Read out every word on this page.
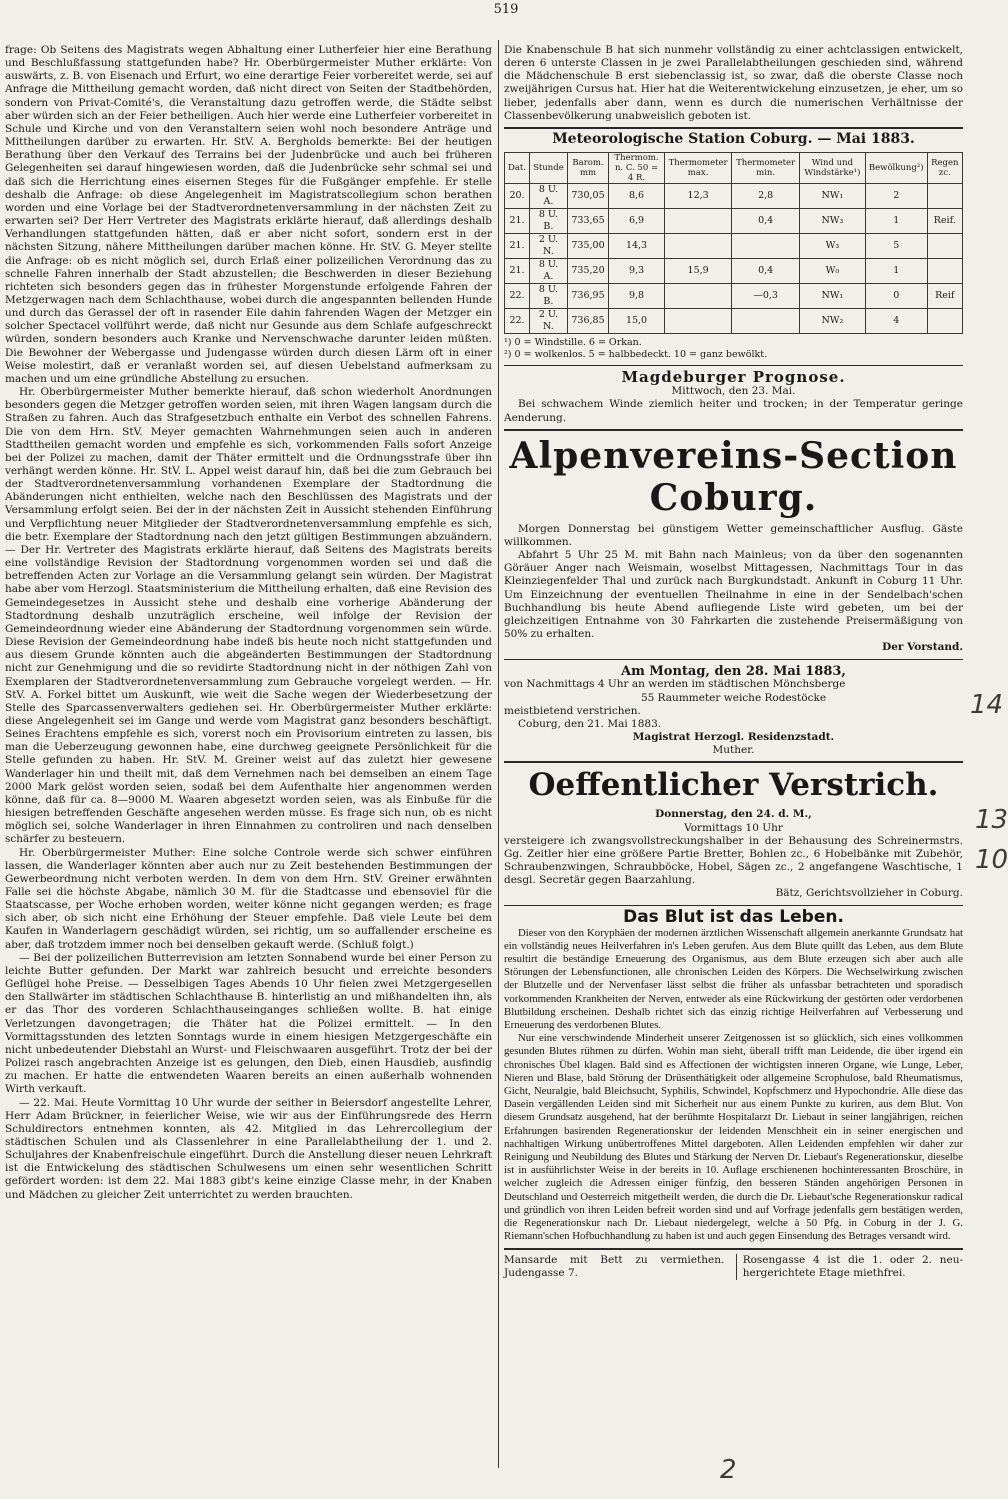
519

frage: Ob Seitens des Magistrats wegen Abhaltung einer Lutherfeier hier eine Berathung und Beschlußfassung stattgefunden habe? Hr. Oberbürgermeister Muther erklärte: Von auswärts, z. B. von Eisenach und Erfurt, wo eine derartige Feier vorbereitet werde, sei auf Anfrage die Mittheilung gemacht worden, daß nicht direct von Seiten der Stadtbehörden, sondern von Privat-Comité's, die Veranstaltung dazu getroffen werde, die Städte selbst aber würden sich an der Feier betheiligen. Auch hier werde eine Lutherfeier vorbereitet in Schule und Kirche und von den Veranstaltern seien wohl noch besondere Anträge und Mittheilungen darüber zu erwarten. Hr. StV. A. Bergholds bemerkte: Bei der heutigen Berathung über den Verkauf des Terrains bei der Judenbrücke und auch bei früheren Gelegenheiten sei darauf hingewiesen worden, daß die Judenbrücke sehr schmal sei und daß sich die Herrichtung eines eisernen Steges für die Fußgänger empfehle. Er stelle deshalb die Anfrage: ob diese Angelegenheit im Magistratscollegium schon berathen worden und eine Vorlage bei der Stadtverordnetenversammlung in der nächsten Zeit zu erwarten sei? Der Herr Vertreter des Magistrats erklärte hierauf, daß allerdings deshalb Verhandlungen stattgefunden hätten, daß er aber nicht sofort, sondern erst in der nächsten Sitzung, nähere Mittheilungen darüber machen könne. Hr. StV. G. Meyer stellte die Anfrage: ob es nicht möglich sei, durch Erlaß einer polizeilichen Verordnung das zu schnelle Fahren innerhalb der Stadt abzustellen; die Beschwerden in dieser Beziehung richteten sich besonders gegen das in frühester Morgenstunde erfolgende Fahren der Metzgerwagen nach dem Schlachthause, wobei durch die angespannten bellenden Hunde und durch das Gerassel der oft in rasender Eile dahin fahrenden Wagen der Metzger ein solcher Spectacel vollführt werde, daß nicht nur Gesunde aus dem Schlafe aufgeschreckt würden, sondern besonders auch Kranke und Nervenschwache darunter leiden müßten. Die Bewohner der Webergasse und Judengasse würden durch diesen Lärm oft in einer Weise molestirt, daß er veranlaßt worden sei, auf diesen Uebelstand aufmerksam zu machen und um eine gründliche Abstellung zu ersuchen.

Hr. Oberbürgermeister Muther bemerkte hierauf, daß schon wiederholt Anordnungen besonders gegen die Metzger getroffen worden seien, mit ihren Wagen langsam durch die Straßen zu fahren. Auch das Strafgesetzbuch enthalte ein Verbot des schnellen Fahrens. Die von dem Hrn. StV. Meyer gemachten Wahrnehmungen seien auch in anderen Stadttheilen gemacht worden und empfehle es sich, vorkommenden Falls sofort Anzeige bei der Polizei zu machen, damit der Thäter ermittelt und die Ordnungsstrafe über ihn verhängt werden könne. Hr. StV. L. Appel weist darauf hin, daß bei die zum Gebrauch bei der Stadtverordnetenversammlung vorhandenen Exemplare der Stadtordnung die Abänderungen nicht enthielten, welche nach den Beschlüssen des Magistrats und der Versammlung erfolgt seien. Bei der in der nächsten Zeit in Aussicht stehenden Einführung und Verpflichtung neuer Mitglieder der Stadtverordnetenversammlung empfehle es sich, die betr. Exemplare der Stadtordnung nach den jetzt gültigen Bestimmungen abzuändern. — Der Hr. Vertreter des Magistrats erklärte hierauf, daß Seitens des Magistrats bereits eine vollständige Revision der Stadtordnung vorgenommen worden sei und daß die betreffenden Acten zur Vorlage an die Versammlung gelangt sein würden. Der Magistrat habe aber vom Herzogl. Staatsministerium die Mittheilung erhalten, daß eine Revision des Gemeindegesetzes in Aussicht stehe und deshalb eine vorherige Abänderung der Stadtordnung deshalb unzuträglich erscheine, weil infolge der Revision der Gemeindeordnung wieder eine Abänderung der Stadtordnung vorgenommen sein würde. Diese Revision der Gemeindeordnung habe indeß bis heute noch nicht stattgefunden und aus diesem Grunde könnten auch die abgeänderten Bestimmungen der Stadtordnung nicht zur Genehmigung und die so revidirte Stadtordnung nicht in der nöthigen Zahl von Exemplaren der Stadtverordnetenversammlung zum Gebrauche vorgelegt werden. — Hr. StV. A. Forkel bittet um Auskunft, wie weit die Sache wegen der Wiederbesetzung der Stelle des Sparcassenverwalters gediehen sei. Hr. Oberbürgermeister Muther erklärte: diese Angelegenheit sei im Gange und werde vom Magistrat ganz besonders beschäftigt. Seines Erachtens empfehle es sich, vorerst noch ein Provisorium eintreten zu lassen, bis man die Ueberzeugung gewonnen habe, eine durchweg geeignete Persönlichkeit für die Stelle gefunden zu haben. Hr. StV. M. Greiner weist auf das zuletzt hier gewesene Wanderlager hin und theilt mit, daß dem Vernehmen nach bei demselben an einem Tage 2000 Mark gelöst worden seien, sodaß bei dem Aufenthalte hier angenommen werden könne, daß für ca. 8—9000 M. Waaren abgesetzt worden seien, was als Einbuße für die hiesigen betreffenden Geschäfte angesehen werden müsse. Es frage sich nun, ob es nicht möglich sei, solche Wanderlager in ihren Einnahmen zu controliren und nach denselben schärfer zu besteuern.

Hr. Oberbürgermeister Muther: Eine solche Controle werde sich schwer einführen lassen, die Wanderlager könnten aber auch nur zu Zeit bestehenden Bestimmungen der Gewerbeordnung nicht verboten werden. In dem von dem Hrn. StV. Greiner erwähnten Falle sei die höchste Abgabe, nämlich 30 M. für die Stadtcasse und ebensoviel für die Staatscasse, per Woche erhoben worden, weiter könne nicht gegangen werden; es frage sich aber, ob sich nicht eine Erhöhung der Steuer empfehle. Daß viele Leute bei dem Kaufen in Wanderlagern geschädigt würden, sei richtig, um so auffallender erscheine es aber, daß trotzdem immer noch bei denselben gekauft werde. (Schluß folgt.)

— Bei der polizeilichen Butterrevision am letzten Sonnabend wurde bei einer Person zu leichte Butter gefunden. Der Markt war zahlreich besucht und erreichte besonders Geflügel hohe Preise. — Desselbigen Tages Abends 10 Uhr fielen zwei Metzgergesellen den Stallwärter im städtischen Schlachthause B. hinterlistig an und mißhandelten ihn, als er das Thor des vorderen Schlachthauseinganges schließen wollte. B. hat einige Verletzungen davongetragen; die Thäter hat die Polizei ermittelt. — In den Vormittagsstunden des letzten Sonntags wurde in einem hiesigen Metzgergeschäfte ein nicht unbedeutender Diebstahl an Wurst- und Fleischwaaren ausgeführt. Trotz der bei der Polizei rasch angebrachten Anzeige ist es gelungen, den Dieb, einen Hausdieb, ausfindig zu machen. Er hatte die entwendeten Waaren bereits an einen außerhalb wohnenden Wirth verkauft.

— 22. Mai. Heute Vormittag 10 Uhr wurde der seither in Beiersdorf angestellte Lehrer, Herr Adam Brückner, in feierlicher Weise, wie wir aus der Einführungsrede des Herrn Schuldirectors entnehmen konnten, als 42. Mitglied in das Lehrercollegium der städtischen Schulen und als Classenlehrer in eine Parallelabtheilung der 1. und 2. Schuljahres der Knabenfreischule eingeführt. Durch die Anstellung dieser neuen Lehrkraft ist die Entwickelung des städtischen Schulwesens um einen sehr wesentlichen Schritt gefördert worden: ist dem 22. Mai 1883 gibt's keine einzige Classe mehr, in der Knaben und Mädchen zu gleicher Zeit unterrichtet zu werden brauchten.

Die Knabenschule B hat sich nunmehr vollständig zu einer achtclassigen entwickelt, deren 6 unterste Classen in je zwei Parallelabtheilungen geschieden sind, während die Mädchenschule B erst siebenclassig ist, so zwar, daß die oberste Classe noch zweijährigen Cursus hat. Hier hat die Weiterentwickelung einzusetzen, je eher, um so lieber, jedenfalls aber dann, wenn es durch die numerischen Verhältnisse der Classenbevölkerung unabweislich geboten ist.

Meteorologische Station Coburg. — Mai 1883.
Dat.	Stunde	Barom. mm	Thermom. n. C. 50 = 4 R.	Thermometer max.	Thermometer min.	Wind und Windstärke¹)	Bewölkung²)	Regen zc.
20.	8 U. A.	730,05	8,6	12,3	2,8	NW₁	2	
21.	8 U. B.	733,65	6,9		0,4	NW₃	1	Reif.
21.	2 U. N.	735,00	14,3			W₃	5	
21.	8 U. A.	735,20	9,3	15,9	0,4	W₀	1	
22.	8 U. B.	736,95	9,8		—0,3	NW₁	0	Reif
22.	2 U. N.	736,85	15,0			NW₂	4	
¹) 0 = Windstille. 6 = Orkan.
²) 0 = wolkenlos. 5 = halbbedeckt. 10 = ganz bewölkt.
Magdeburger Prognose.

Mittwoch, den 23. Mai.

Bei schwachem Winde ziemlich heiter und trocken; in der Temperatur geringe Aenderung.

Alpenvereins-Section Coburg.

Morgen Donnerstag bei günstigem Wetter gemeinschaftlicher Ausflug. Gäste willkommen.

Abfahrt 5 Uhr 25 M. mit Bahn nach Mainleus; von da über den sogenannten Göräuer Anger nach Weismain, woselbst Mittagessen, Nachmittags Tour in das Kleinziegenfelder Thal und zurück nach Burgkundstadt. Ankunft in Coburg 11 Uhr. Um Einzeichnung der eventuellen Theilnahme in eine in der Sendelbach'schen Buchhandlung bis heute Abend aufliegende Liste wird gebeten, um bei der gleichzeitigen Entnahme von 30 Fahrkarten die zustehende Preisermäßigung von 50% zu erhalten.

Der Vorstand.

Am Montag, den 28. Mai 1883,

von Nachmittags 4 Uhr an werden im städtischen Mönchsberge

55 Raummeter weiche Rodestöcke

meistbietend verstrichen.

Coburg, den 21. Mai 1883.

Magistrat Herzogl. Residenzstadt.

Muther.

Oeffentlicher Verstrich.

Donnerstag, den 24. d. M.,

Vormittags 10 Uhr

versteigere ich zwangsvollstreckungshalber in der Behausung des Schreinermstrs. Gg. Zeitler hier eine größere Partie Bretter, Bohlen zc., 6 Hobelbänke mit Zubehör, Schraubenzwingen, Schraubböcke, Hobel, Sägen zc., 2 angefangene Waschtische, 1 desgl. Secretär gegen Baarzahlung.

Bätz, Gerichtsvollzieher in Coburg.

Das Blut ist das Leben.

Dieser von den Koryphäen der modernen ärztlichen Wissenschaft allgemein anerkannte Grundsatz hat ein vollständig neues Heilverfahren in's Leben gerufen. Aus dem Blute quillt das Leben, aus dem Blute resultirt die beständige Erneuerung des Organismus, aus dem Blute erzeugen sich aber auch alle Störungen der Lebensfunctionen, alle chronischen Leiden des Körpers. Die Wechselwirkung zwischen der Blutzelle und der Nervenfaser lässt selbst die früher als unfassbar betrachteten und sporadisch vorkommenden Krankheiten der Nerven, entweder als eine Rückwirkung der gestörten oder verdorbenen Blutbildung erscheinen. Deshalb richtet sich das einzig richtige Heilverfahren auf Verbesserung und Erneuerung des verdorbenen Blutes.

Nur eine verschwindende Minderheit unserer Zeitgenossen ist so glücklich, sich eines vollkommen gesunden Blutes rühmen zu dürfen. Wohin man sieht, überall trifft man Leidende, die über irgend ein chronisches Übel klagen. Bald sind es Affectionen der wichtigsten inneren Organe, wie Lunge, Leber, Nieren und Blase, bald Störung der Drüsenthätigkeit oder allgemeine Scrophulose, bald Rheumatismus, Gicht, Neuralgie, bald Bleichsucht, Syphilis, Schwindel, Kopfschmerz und Hypochondrie. Alle diese das Dasein vergällenden Leiden sind mit Sicherheit nur aus einem Punkte zu kuriren, aus dem Blut. Von diesem Grundsatz ausgehend, hat der berühmte Hospitalarzt Dr. Liebaut in seiner langjährigen, reichen Erfahrungen basirenden Regenerationskur der leidenden Menschheit ein in seiner energischen und nachhaltigen Wirkung unübertroffenes Mittel dargeboten. Allen Leidenden empfehlen wir daher zur Reinigung und Neubildung des Blutes und Stärkung der Nerven Dr. Liebaut's Regenerationskur, dieselbe ist in ausführlichster Weise in der bereits in 10. Auflage erschienenen hochinteressanten Broschüre, in welcher zugleich die Adressen einiger fünfzig, den besseren Ständen angehörigen Personen in Deutschland und Oesterreich mitgetheilt werden, die durch die Dr. Liebaut'sche Regenerationskur radical und gründlich von ihren Leiden befreit worden sind und auf Vorfrage jedenfalls gern bestätigen werden, die Regenerationskur nach Dr. Liebaut niedergelegt, welche à 50 Pfg. in Coburg in der J. G. Riemann'schen Hofbuchhandlung zu haben ist und auch gegen Einsendung des Betrages versandt wird.

Mansarde mit Bett zu vermiethen. Judengasse 7.
Rosengasse 4 ist die 1. oder 2. neu-hergerichtete Etage miethfrei.
14
13
10
2
